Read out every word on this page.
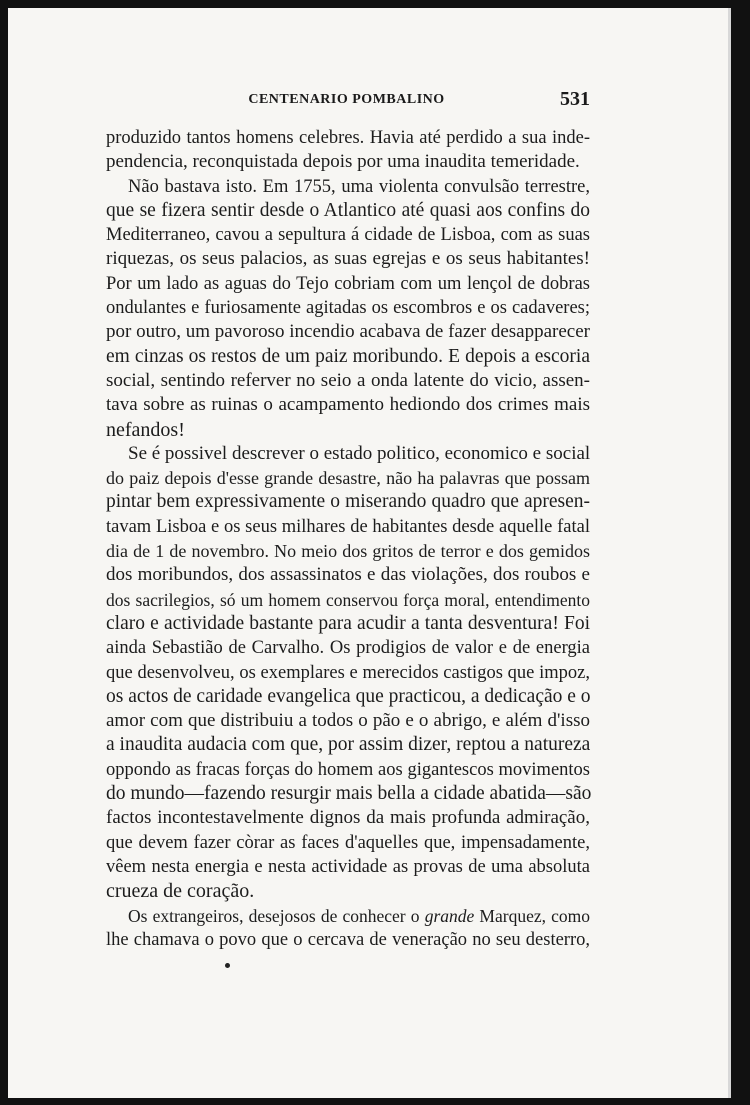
CENTENARIO POMBALINO	531
produzido tantos homens celebres. Havia até perdido a sua inde-
pendencia, reconquistada depois por uma inaudita temeridade.
Não bastava isto. Em 1755, uma violenta convulsão terrestre,
que se fizera sentir desde o Atlantico até quasi aos confins do
Mediterraneo, cavou a sepultura á cidade de Lisboa, com as suas
riquezas, os seus palacios, as suas egrejas e os seus habitantes!
Por um lado as aguas do Tejo cobriam com um lençol de dobras
ondulantes e furiosamente agitadas os escombros e os cadaveres;
por outro, um pavoroso incendio acabava de fazer desapparecer
em cinzas os restos de um paiz moribundo. E depois a escoria
social, sentindo referver no seio a onda latente do vicio, assen-
tava sobre as ruinas o acampamento hediondo dos crimes mais
nefandos!
Se é possivel descrever o estado politico, economico e social
do paiz depois d'esse grande desastre, não ha palavras que possam
pintar bem expressivamente o miserando quadro que apresen-
tavam Lisboa e os seus milhares de habitantes desde aquelle fatal
dia de 1 de novembro. No meio dos gritos de terror e dos gemidos
dos moribundos, dos assassinatos e das violações, dos roubos e
dos sacrilegios, só um homem conservou força moral, entendimento
claro e actividade bastante para acudir a tanta desventura! Foi
ainda Sebastião de Carvalho. Os prodigios de valor e de energia
que desenvolveu, os exemplares e merecidos castigos que impoz,
os actos de caridade evangelica que practicou, a dedicação e o
amor com que distribuiu a todos o pão e o abrigo, e além d'isso
a inaudita audacia com que, por assim dizer, reptou a natureza
oppondo as fracas forças do homem aos gigantescos movimentos
do mundo—fazendo resurgir mais bella a cidade abatida—são
factos incontestavelmente dignos da mais profunda admiração,
que devem fazer còrar as faces d'aquelles que, impensadamente,
vêem nesta energia e nesta actividade as provas de uma absoluta
crueza de coração.
Os extrangeiros, desejosos de conhecer o grande Marquez, como
lhe chamava o povo que o cercava de veneração no seu desterro,
